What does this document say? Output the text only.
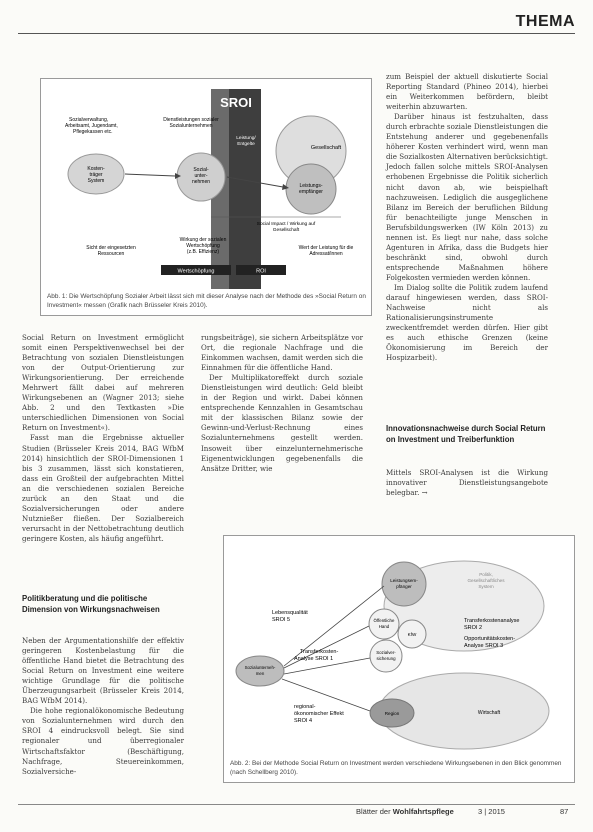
THEMA
SROI
Kosten-träger System
Sozial-unter-nehmen
Gesellschaft
Leistungs-empfänger
Sozialverwaltung, Arbeitsamt, Jugendamt, Pflegekassen etc.
Dienstleistungen sozialer Sozialunternehmen
Leistung/ Entgelte
Social Impact / Wirkung auf Gesellschaft
Sicht der eingesetzten Ressourcen
Wirkung der sozialen Wertschöpfung (z.B. Effizienz)
Wert der Leistung für die Adressat/innen
Wertschöpfung	ROI
Abb. 1: Die Wertschöpfung Sozialer Arbeit lässt sich mit dieser Analyse nach der Methode des »Social Return on Investment« messen (Grafik nach Brüsseler Kreis 2010).

Social Return on Investment ermöglicht somit einen Perspektivenwechsel bei der Betrachtung von sozialen Dienstleistungen von der Output-Orientierung zur Wirkungsorientierung. Der erreichende Mehrwert fällt dabei auf mehreren Wirkungsebenen an (Wagner 2013; siehe Abb. 2 und den Textkasten »Die unterschiedlichen Dimensionen von Social Return on Investment«).

Fasst man die Ergebnisse aktueller Studien (Brüsseler Kreis 2014, BAG WfbM 2014) hinsichtlich der SROI-Dimensionen 1 bis 3 zusammen, lässt sich konstatieren, dass ein Großteil der aufgebrachten Mittel an die verschiedenen sozialen Bereiche zurück an den Staat und die Sozialversicherungen oder andere Nutznießer fließen. Der Sozialbereich verursacht in der Nettobetrachtung deutlich geringere Kosten, als häufig angeführt.

Politikberatung und die politische Dimension von Wirkungsnachweisen

Neben der Argumentationshilfe der effektiv geringeren Kostenbelastung für die öffentliche Hand bietet die Betrachtung des Social Return on Investment eine weitere wichtige Grundlage für die politische Überzeugungsarbeit (Brüsseler Kreis 2014, BAG WfbM 2014).

Die hohe regionalökonomische Bedeutung von Sozialunternehmen wird durch den SROI 4 eindrucksvoll belegt. Sie sind regionaler und überregionaler Wirtschaftsfaktor (Beschäftigung, Nachfrage, Steuereinkommen, Sozialversiche-

rungsbeiträge), sie sichern Arbeitsplätze vor Ort, die regionale Nachfrage und die Einkommen wachsen, damit werden sich die Einnahmen für die öffentliche Hand.

Der Multiplikatoreffekt durch soziale Dienstleistungen wird deutlich: Geld bleibt in der Region und wirkt. Dabei können entsprechende Kennzahlen in Gesamtschau mit der klassischen Bilanz sowie der Gewinn-und-Verlust-Rechnung eines Sozialunternehmens gestellt werden. Insoweit über einzelunternehmerische Eigenentwicklungen gegebenenfalls die Ansätze Dritter, wie

zum Beispiel der aktuell diskutierte Social Reporting Standard (Phineo 2014), hierbei ein Weiterkommen befördern, bleibt weiterhin abzuwarten.

Darüber hinaus ist festzuhalten, dass durch erbrachte soziale Dienstleistungen die Entstehung anderer und gegebenenfalls höherer Kosten verhindert wird, wenn man die Sozialkosten Alternativen berücksichtigt. Jedoch fallen solche mittels SROI-Analysen erhobenen Ergebnisse die Politik sicherlich nicht davon ab, wie beispielhaft nachzuweisen. Lediglich die ausgeglichene Bilanz im Bereich der beruflichen Bildung für benachteiligte junge Menschen in Berufsbildungswerken (IW Köln 2013) zu nennen ist. Es liegt nur nahe, dass solche Agenturen in Afrika, dass die Budgets hier beschränkt sind, obwohl durch entsprechende Maßnahmen höhere Folgekosten vermieden werden können.

Im Dialog sollte die Politik zudem laufend darauf hingewiesen werden, dass SROI-Nachweise nicht als Rationalisierungsinstrumente zweckentfremdet werden dürfen. Hier gibt es auch ethische Grenzen (keine Ökonomisierung im Bereich der Hospizarbeit).

Innovationsnachweise durch Social Return on Investment und Treiberfunktion

Mittels SROI-Analysen ist die Wirkung innovativer Dienstleistungsangebote belegbar. →

Leistungsem-pfänger
Politik, Gesellschaftliches System
Öffentliche Hand
KfW
Sozialver-sicherung
Sozialunterneh-men
Region	Wirtschaft
Lebensqualität SROI 5
Transferkosten-Analyse SROI 1
regional-ökonomischer Effekt SROI 4
Transferkostenanalyse SROI 2
Opportunitätskosten-Analyse SROI 3
Abb. 2: Bei der Methode Social Return on Investment werden verschiedene Wirkungsebenen in den Blick genommen (nach Schellberg 2010).
Blätter der Wohlfahrtspflege	3 | 2015	87
